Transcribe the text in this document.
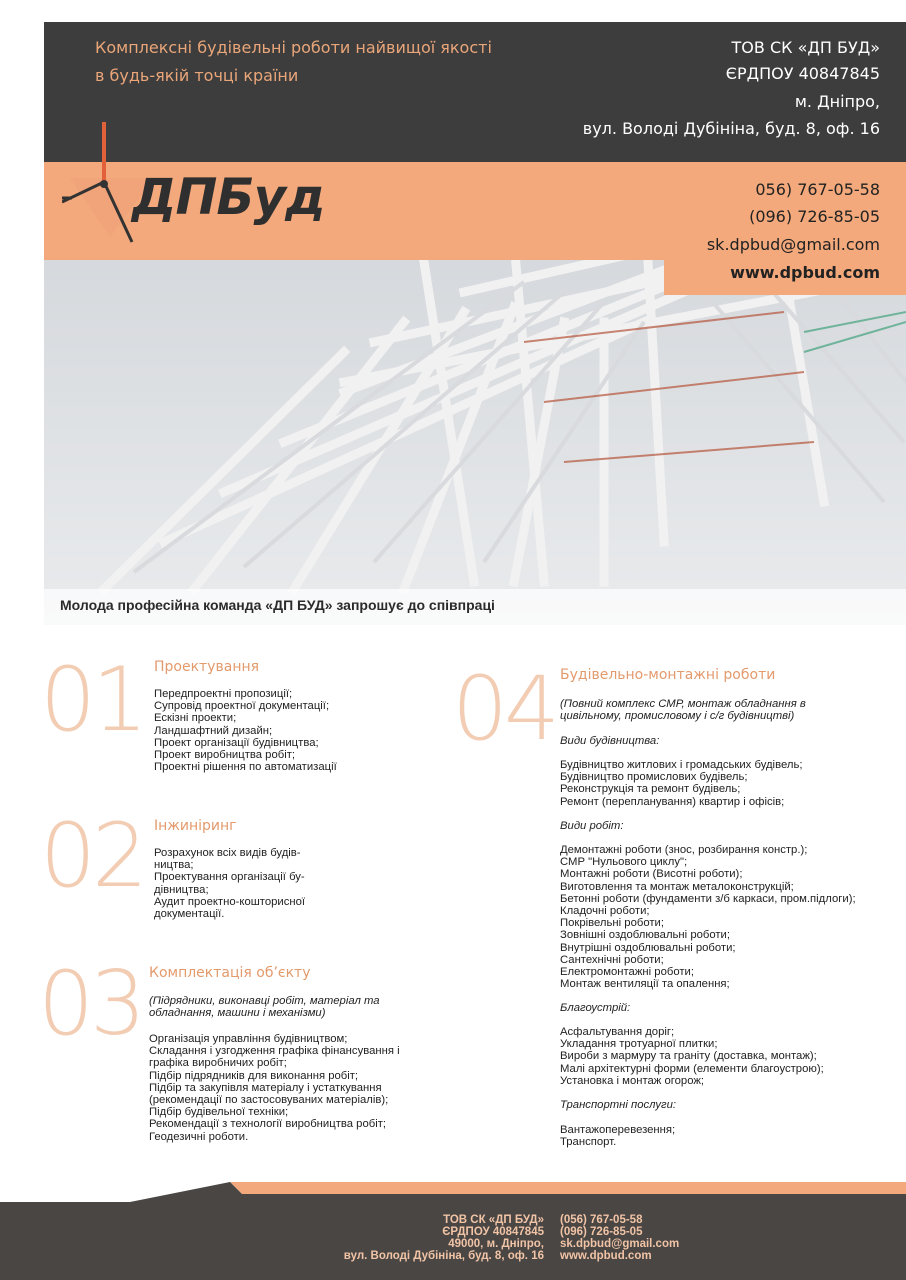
Комплексні будівельні роботи найвищої якості
в будь-якій точці країни
ТОВ СК «ДП БУД»
ЄРДПОУ 40847845
м. Дніпро,
вул. Володі Дубініна, буд. 8, оф. 16
056) 767-05-58
(096) 726-85-05
sk.dpbud@gmail.com
www.dpbud.com
ДПБуд
Молода професійна команда «ДП БУД» запрошує до співпраці
01 Проектування
Передпроектні пропозиції;
Супровід проектної документації;
Ескізні проекти;
Ландшафтний дизайн;
Проект організації будівництва;
Проект виробництва робіт;
Проектні рішення по автоматизації
02 Інжиніринг
Розрахунок всіх видів будів-
ництва;
Проектування організації бу-
дівництва;
Аудит проектно-кошторисної
документації.
03 Комплектація об’єкту
(Підрядники, виконавці робіт, матеріал та
обладнання, машини і механізми)
Організація управління будівництвом;
Складання і узгодження графіка фінансування і
графіка виробничих робіт;
Підбір підрядників для виконання робіт;
Підбір та закупівля матеріалу і устаткування
(рекомендації по застосовуваних матеріалів);
Підбір будівельної техніки;
Рекомендації з технології виробництва робіт;
Геодезичні роботи.
04 Будівельно-монтажні роботи
(Повний комплекс СМР, монтаж обладнання в
цивільному, промисловому і с/г будівництві)
Види будівництва:
Будівництво житлових і громадських будівель;
Будівництво промислових будівель;
Реконструкція та ремонт будівель;
Ремонт (перепланування) квартир і офісів;
Види робіт:
Демонтажні роботи (знос, розбирання констр.);
СМР "Нульового циклу";
Монтажні роботи (Висотні роботи);
Виготовлення та монтаж металоконструкцій;
Бетонні роботи (фундаменти з/б каркаси, пром.підлоги);
Кладочні роботи;
Покрівельні роботи;
Зовнішні оздоблювальні роботи;
Внутрішні оздоблювальні роботи;
Сантехнічні роботи;
Електромонтажні роботи;
Монтаж вентиляції та опалення;
Благоустрій:
Асфальтування доріг;
Укладання тротуарної плитки;
Вироби з мармуру та граніту (доставка, монтаж);
Малі архітектурні форми (елементи благоустрою);
Установка і монтаж огорож;
Транспортні послуги:
Вантажоперевезення;
Транспорт.
ТОВ СК «ДП БУД»
ЄРДПОУ 40847845
49000, м. Дніпро,
вул. Володі Дубініна, буд. 8, оф. 16
(056) 767-05-58
(096) 726-85-05
sk.dpbud@gmail.com
www.dpbud.com
